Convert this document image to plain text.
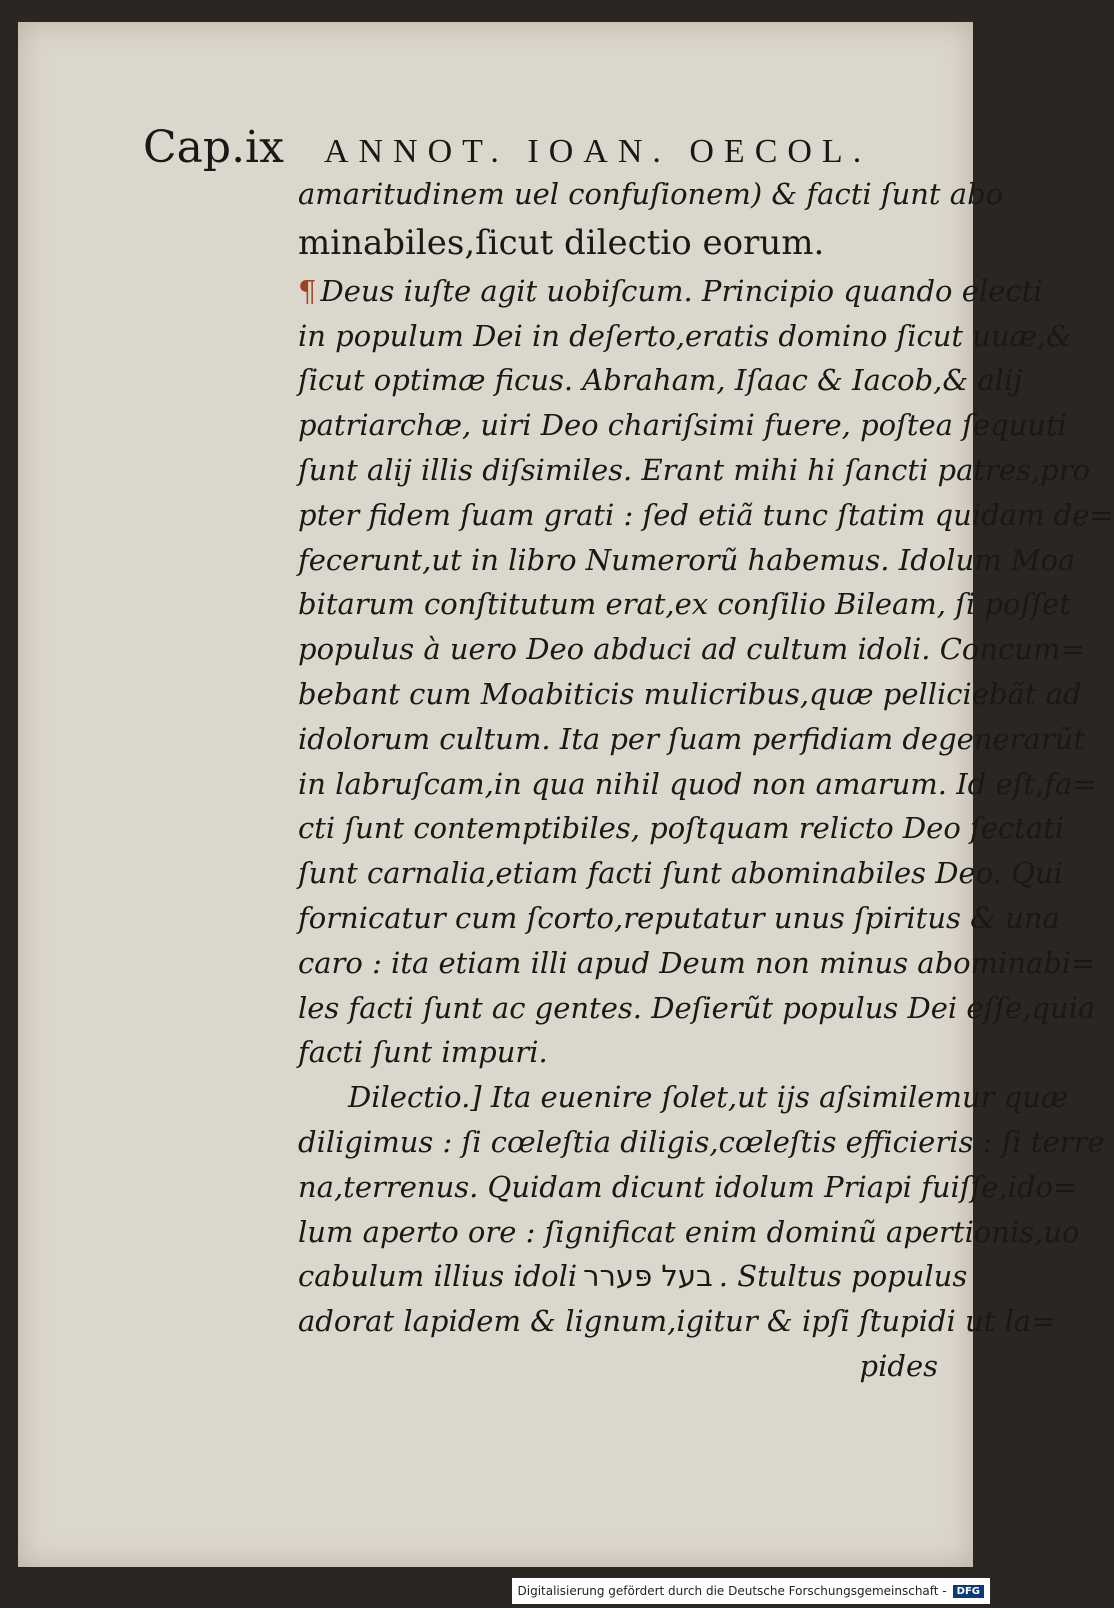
Cap.ix ANNOT. IOAN. OECOL.
amaritudinem uel confuſionem) & facti ſunt abo
minabiles,ſicut dilectio eorum.
¶ Deus iuſte agit uobiſcum. Principio quando electi
in populum Dei in deſerto,eratis domino ſicut uuæ,&
ſicut optimæ ficus. Abraham, Iſaac & Iacob,& alij
patriarchæ, uiri Deo chariſsimi fuere, poſtea ſequuti
ſunt alij illis diſsimiles. Erant mihi hi ſancti patres,pro
pter fidem ſuam grati : ſed etiã tunc ſtatim quidam de=
fecerunt,ut in libro Numerorũ habemus. Idolum Moa
bitarum conſtitutum erat,ex conſilio Bileam, ſi poſſet
populus à uero Deo abduci ad cultum idoli. Concum=
bebant cum Moabiticis mulicribus,quæ pelliciebãt ad
idolorum cultum. Ita per ſuam perfidiam degenerarũt
in labruſcam,in qua nihil quod non amarum. Id eſt,fa=
cti ſunt contemptibiles, poſtquam relicto Deo ſectati
ſunt carnalia,etiam facti ſunt abominabiles Deo. Qui
fornicatur cum ſcorto,reputatur unus ſpiritus & una
caro : ita etiam illi apud Deum non minus abominabi=
les facti ſunt ac gentes. Deſierũt populus Dei eſſe,quia
facti ſunt impuri.
Dilectio.] Ita euenire ſolet,ut ijs aſsimilemur quæ
diligimus : ſi cœleſtia diligis,cœleſtis efficieris : ſi terre
na,terrenus. Quidam dicunt idolum Priapi fuiſſe,ido=
lum aperto ore : ſignificat enim dominũ apertionis,uo
cabulum illius idoli בעל פּערר . Stultus populus
adorat lapidem & lignum,igitur & ipſi ſtupidi ut la=
pides
Digitalisierung gefördert durch die Deutsche Forschungsgemeinschaft -	DFG
